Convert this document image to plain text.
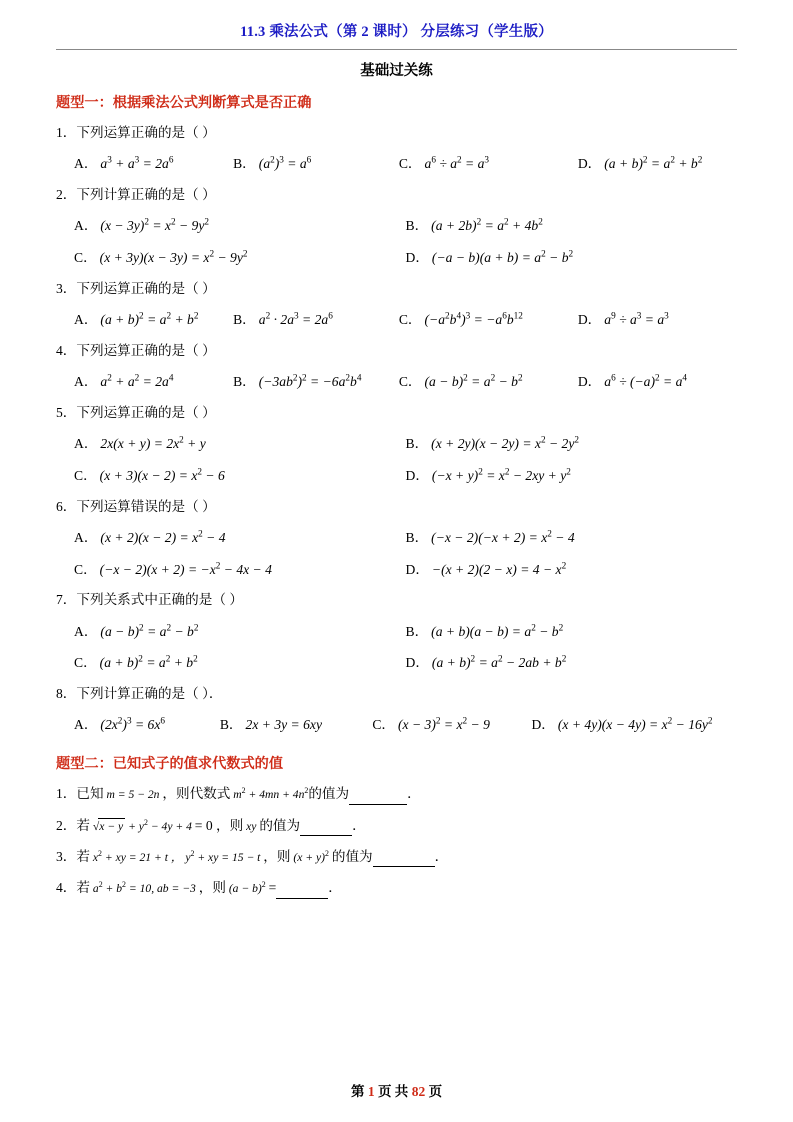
11.3 乘法公式（第 2 课时） 分层练习（学生版）
基础过关练
题型一：根据乘法公式判断算式是否正确
1．下列运算正确的是（ ）
A． $a^3 + a^3 = 2a^6$	B． $(a^2)^3 = a^6$	C． $a^6 \div a^2 = a^3$	D． $(a + b)^2 = a^2 + b^2$
2．下列计算正确的是（ ）
A． $(x - 3y)^2 = x^2 - 9y^2$	B． $(a + 2b)^2 = a^2 + 4b^2$
C． $(x + 3y)(x - 3y) = x^2 - 9y^2$	D． $(-a - b)(a + b) = a^2 - b^2$
3．下列运算正确的是（ ）
A． $(a + b)^2 = a^2 + b^2$	B． $a^2 \cdot 2a^3 = 2a^6$	C． $(-a^2b^4)^3 = -a^6b^{12}$	D． $a^9 \div a^3 = a^3$
4．下列运算正确的是（ ）
A． $a^2 + a^2 = 2a^4$	B． $(-3ab^2)^2 = -6a^2b^4$	C． $(a - b)^2 = a^2 - b^2$	D． $a^6 \div (-a)^2 = a^4$
5．下列运算正确的是（ ）
A． $2x(x + y) = 2x^2 + y$	B． $(x + 2y)(x - 2y) = x^2 - 2y^2$
C． $(x + 3)(x - 2) = x^2 - 6$	D． $(-x + y)^2 = x^2 - 2xy + y^2$
6．下列运算错误的是（ ）
A． $(x + 2)(x - 2) = x^2 - 4$	B． $(-x - 2)(-x + 2) = x^2 - 4$
C． $(-x - 2)(x + 2) = -x^2 - 4x - 4$	D． $-(x + 2)(2 - x) = 4 - x^2$
7．下列关系式中正确的是（ ）
A． $(a - b)^2 = a^2 - b^2$	B． $(a + b)(a - b) = a^2 - b^2$
C． $(a + b)^2 = a^2 + b^2$	D． $(a + b)^2 = a^2 - 2ab + b^2$
8．下列计算正确的是（ ）．
A． $(2x^2)^3 = 6x^6$	B． 2x + 3y = 6xy	C． $(x - 3)^2 = x^2 - 9$	D． $(x + 4y)(x - 4y) = x^2 - 16y^2$
题型二：已知式子的值求代数式的值
1．已知 m = 5 − 2n ，则代数式 $m^2 + 4mn + 4n^2$的值为	．
2．若 $√x - y + y^2 - 4y + 4 = 0$ ，则 xy 的值为	．
3．若 $x^2$ + xy = 21 + t ， $y^2$ + xy = 15 − t ，则 $(x + y)^2$ 的值为	．
4．若 $a^2 + b^2 = 10$, ab = −3 ，则 $(a - b)^2$ =	．
第 1 页 共 82 页
